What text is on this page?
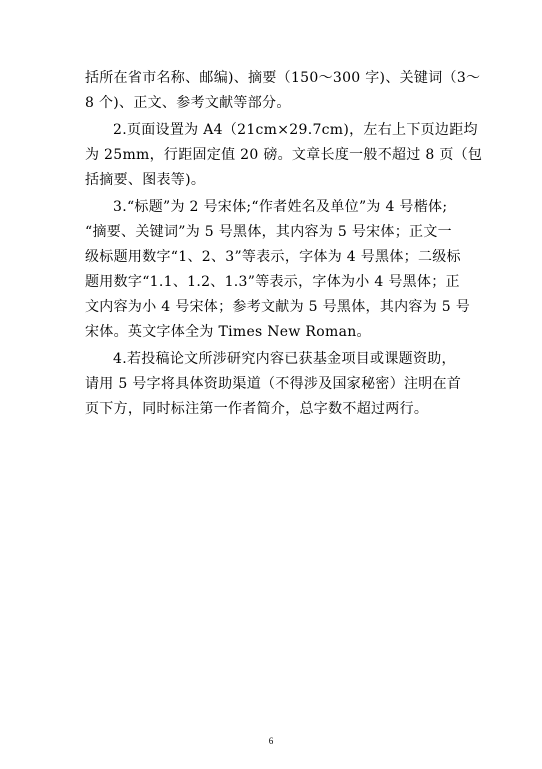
括所在省市名称、邮编)、摘要（150～300 字)、关键词（3～
8 个)、正文、参考文献等部分。

2.页面设置为 A4（21cm×29.7cm)，左右上下页边距均
为 25mm，行距固定值 20 磅。文章长度一般不超过 8 页（包
括摘要、图表等)。

3.“标题”为 2 号宋体;“作者姓名及单位”为 4 号楷体;
“摘要、关键词”为 5 号黑体，其内容为 5 号宋体；正文一
级标题用数字“1、2、3”等表示，字体为 4 号黑体；二级标
题用数字“1.1、1.2、1.3”等表示，字体为小 4 号黑体；正
文内容为小 4 号宋体；参考文献为 5 号黑体，其内容为 5 号
宋体。英文字体全为 Times New Roman。

4.若投稿论文所涉研究内容已获基金项目或课题资助，
请用 5 号字将具体资助渠道（不得涉及国家秘密）注明在首
页下方，同时标注第一作者简介，总字数不超过两行。

6
